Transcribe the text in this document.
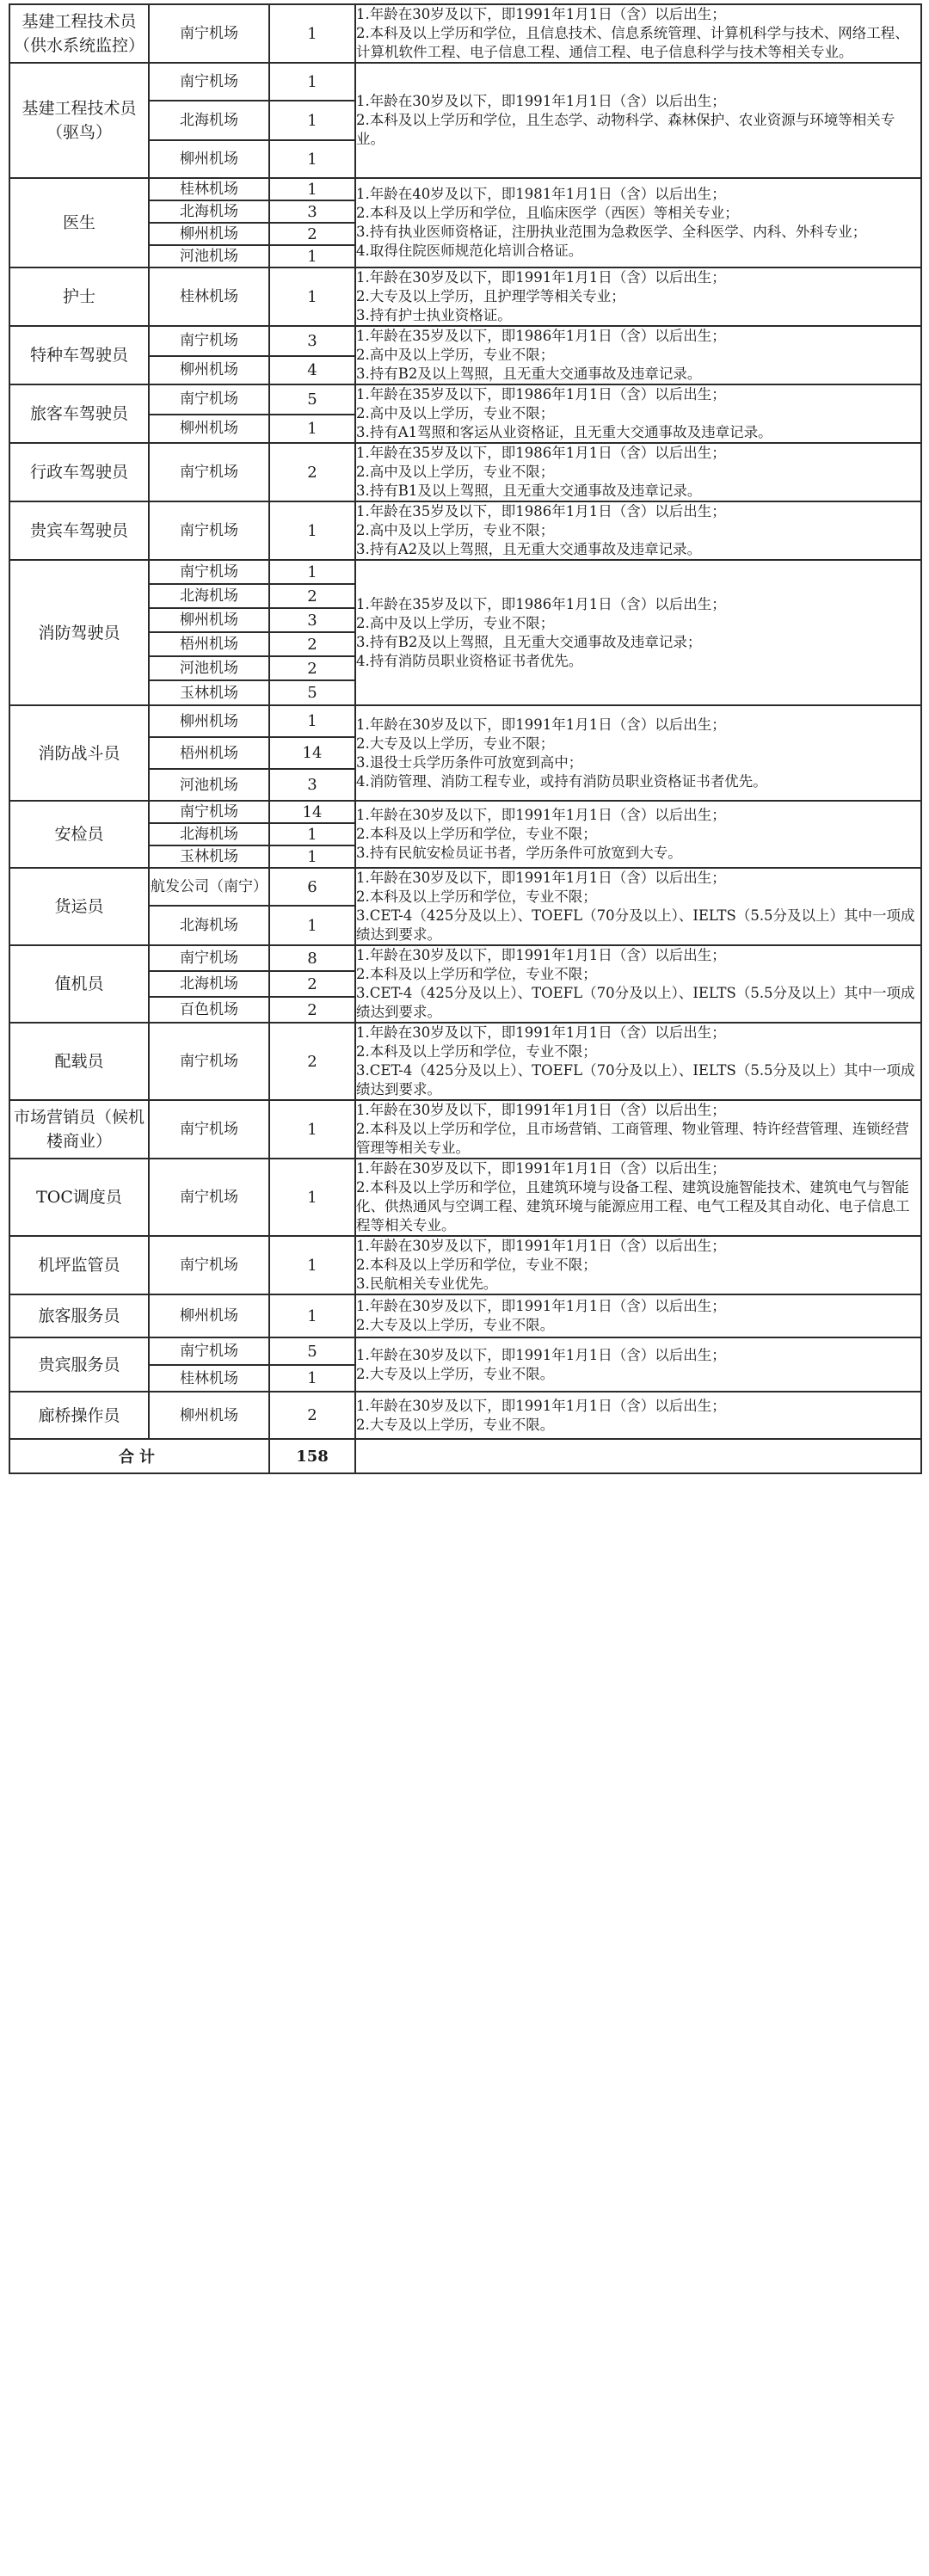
基建工程技术员（供水系统监控）	南宁机场	1	1.年龄在30岁及以下，即1991年1月1日（含）以后出生；
2.本科及以上学历和学位，且信息技术、信息系统管理、计算机科学与技术、网络工程、计算机软件工程、电子信息工程、通信工程、电子信息科学与技术等相关专业。

基建工程技术员（驱鸟）	南宁机场	1	1.年龄在30岁及以下，即1991年1月1日（含）以后出生；
2.本科及以上学历和学位，且生态学、动物科学、森林保护、农业资源与环境等相关专业。

	北海机场	1	
	柳州机场	1	
医生	桂林机场	1	1.年龄在40岁及以下，即1981年1月1日（含）以后出生；
2.本科及以上学历和学位，且临床医学（西医）等相关专业；
3.持有执业医师资格证，注册执业范围为急救医学、全科医学、内科、外科专业；
4.取得住院医师规范化培训合格证。

	北海机场	3	
	柳州机场	2	
	河池机场	1	
护士	桂林机场	1	1.年龄在30岁及以下，即1991年1月1日（含）以后出生；
2.大专及以上学历，且护理学等相关专业；
3.持有护士执业资格证。

特种车驾驶员	南宁机场	3	1.年龄在35岁及以下，即1986年1月1日（含）以后出生；
2.高中及以上学历，专业不限；
3.持有B2及以上驾照，且无重大交通事故及违章记录。

	柳州机场	4	
旅客车驾驶员	南宁机场	5	1.年龄在35岁及以下，即1986年1月1日（含）以后出生；
2.高中及以上学历，专业不限；
3.持有A1驾照和客运从业资格证，且无重大交通事故及违章记录。

	柳州机场	1	
行政车驾驶员	南宁机场	2	1.年龄在35岁及以下，即1986年1月1日（含）以后出生；
2.高中及以上学历，专业不限；
3.持有B1及以上驾照，且无重大交通事故及违章记录。

贵宾车驾驶员	南宁机场	1	1.年龄在35岁及以下，即1986年1月1日（含）以后出生；
2.高中及以上学历，专业不限；
3.持有A2及以上驾照，且无重大交通事故及违章记录。

消防驾驶员	南宁机场	1	1.年龄在35岁及以下，即1986年1月1日（含）以后出生；
2.高中及以上学历，专业不限；
3.持有B2及以上驾照，且无重大交通事故及违章记录；
4.持有消防员职业资格证书者优先。

	北海机场	2	
	柳州机场	3	
	梧州机场	2	
	河池机场	2	
	玉林机场	5	
消防战斗员	柳州机场	1	1.年龄在30岁及以下，即1991年1月1日（含）以后出生；
2.大专及以上学历，专业不限；
3.退役士兵学历条件可放宽到高中；
4.消防管理、消防工程专业，或持有消防员职业资格证书者优先。

	梧州机场	14	
	河池机场	3	
安检员	南宁机场	14	1.年龄在30岁及以下，即1991年1月1日（含）以后出生；
2.本科及以上学历和学位，专业不限；
3.持有民航安检员证书者，学历条件可放宽到大专。

	北海机场	1	
	玉林机场	1	
货运员	航发公司（南宁）	6	1.年龄在30岁及以下，即1991年1月1日（含）以后出生；
2.本科及以上学历和学位，专业不限；
3.CET-4（425分及以上）、TOEFL（70分及以上）、IELTS（5.5分及以上）其中一项成绩达到要求。

	北海机场	1	
值机员	南宁机场	8	1.年龄在30岁及以下，即1991年1月1日（含）以后出生；
2.本科及以上学历和学位，专业不限；
3.CET-4（425分及以上）、TOEFL（70分及以上）、IELTS（5.5分及以上）其中一项成绩达到要求。

	北海机场	2	
	百色机场	2	
配载员	南宁机场	2	1.年龄在30岁及以下，即1991年1月1日（含）以后出生；
2.本科及以上学历和学位，专业不限；
3.CET-4（425分及以上）、TOEFL（70分及以上）、IELTS（5.5分及以上）其中一项成绩达到要求。

市场营销员（候机楼商业）	南宁机场	1	1.年龄在30岁及以下，即1991年1月1日（含）以后出生；
2.本科及以上学历和学位，且市场营销、工商管理、物业管理、特许经营管理、连锁经营管理等相关专业。

TOC调度员	南宁机场	1	1.年龄在30岁及以下，即1991年1月1日（含）以后出生；
2.本科及以上学历和学位，且建筑环境与设备工程、建筑设施智能技术、建筑电气与智能化、供热通风与空调工程、建筑环境与能源应用工程、电气工程及其自动化、电子信息工程等相关专业。

机坪监管员	南宁机场	1	1.年龄在30岁及以下，即1991年1月1日（含）以后出生；
2.本科及以上学历和学位，专业不限；
3.民航相关专业优先。

旅客服务员	柳州机场	1	1.年龄在30岁及以下，即1991年1月1日（含）以后出生；
2.大专及以上学历，专业不限。

贵宾服务员	南宁机场	5	1.年龄在30岁及以下，即1991年1月1日（含）以后出生；
2.大专及以上学历，专业不限。

	桂林机场	1	
廊桥操作员	柳州机场	2	1.年龄在30岁及以下，即1991年1月1日（含）以后出生；
2.大专及以上学历，专业不限。

合计		158	
